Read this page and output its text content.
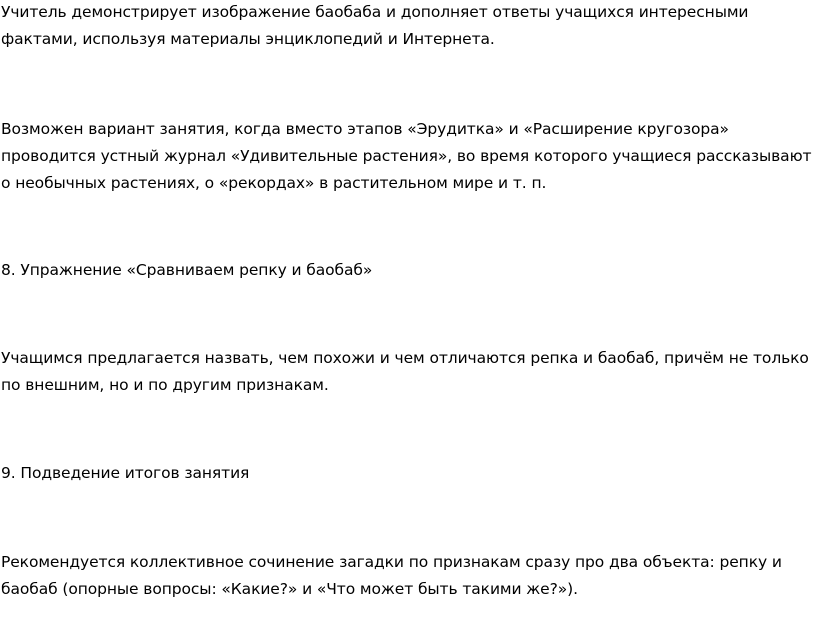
Учитель демонстрирует изображение баобаба и дополняет ответы учащихся интересными
фактами, используя материалы энциклопедий и Интернета.

Возможен вариант занятия, когда вместо этапов «Эрудитка» и «Расширение кругозора»
проводится устный журнал «Удивительные растения», во время которого учащиеся рассказывают
о необычных растениях, о «рекордах» в растительном мире и т. п.

8. Упражнение «Сравниваем репку и баобаб»

Учащимся предлагается назвать, чем похожи и чем отличаются репка и баобаб, причём не только
по внешним, но и по другим признакам.

9. Подведение итогов занятия

Рекомендуется коллективное сочинение загадки по признакам сразу про два объекта: репку и
баобаб (опорные вопросы: «Какие?» и «Что может быть такими же?»).
